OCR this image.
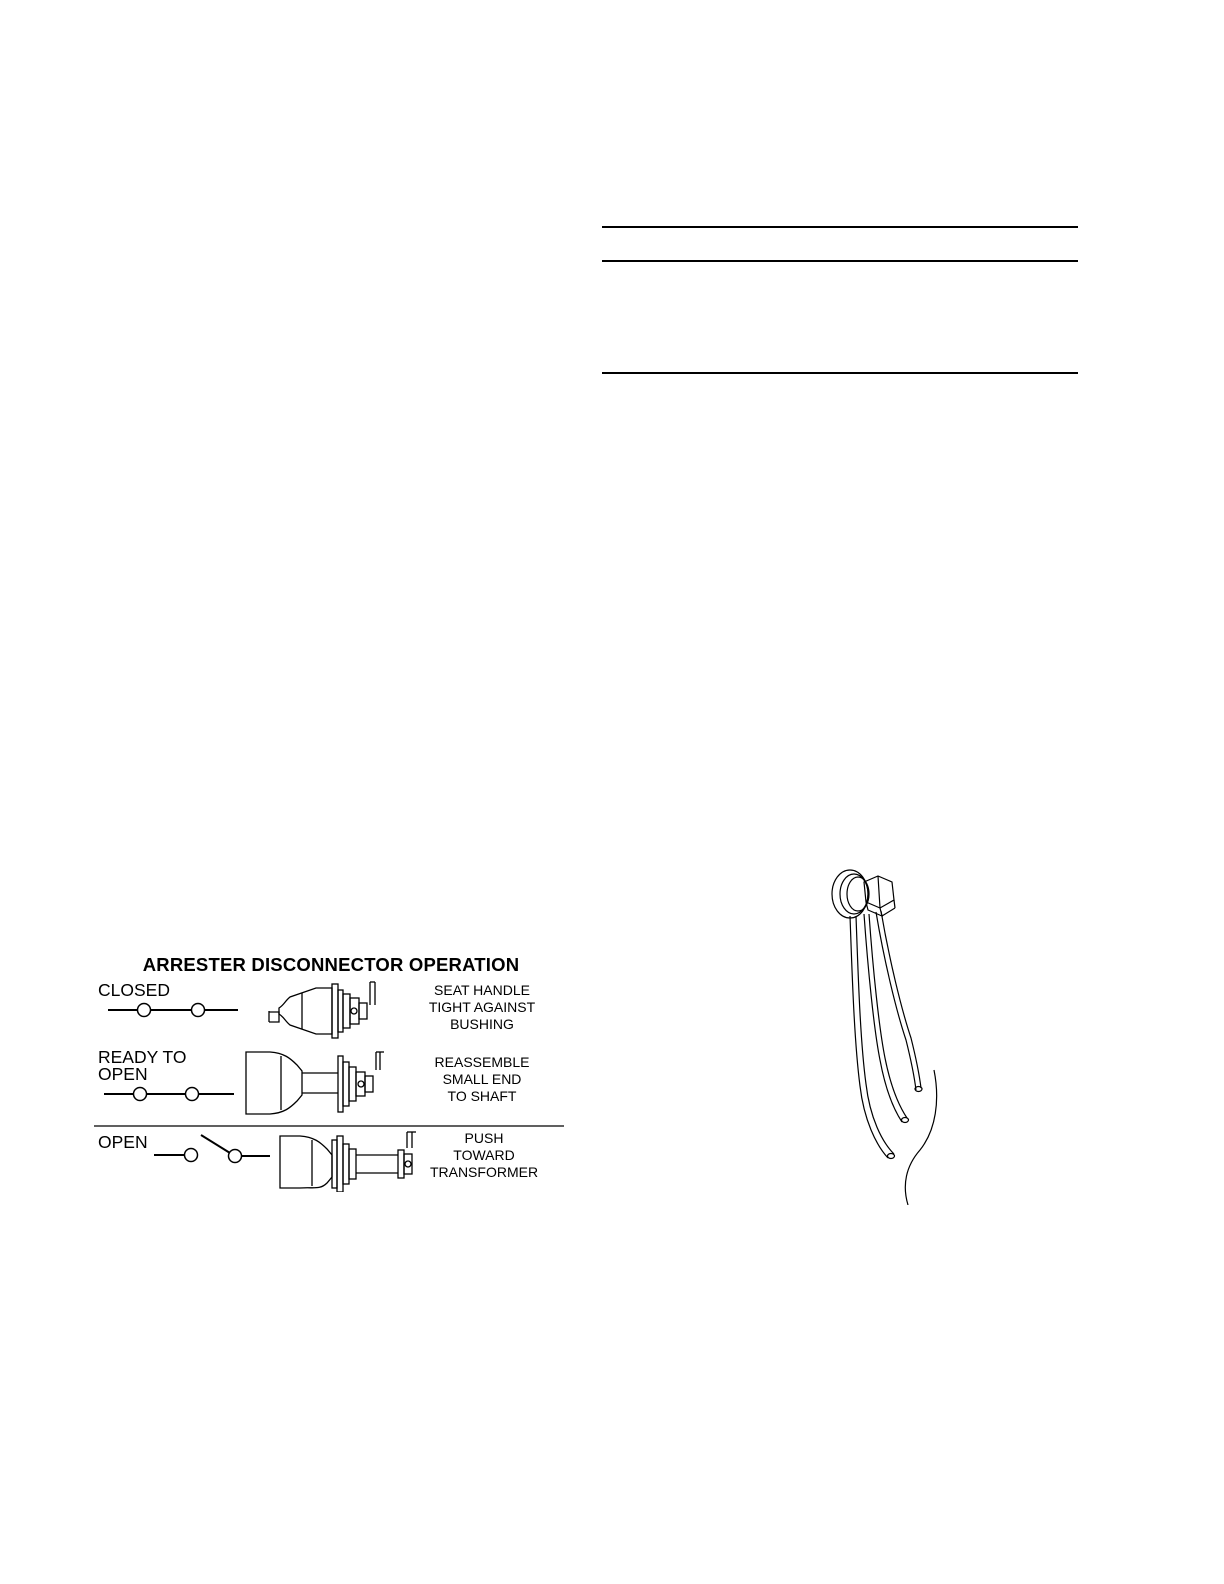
ARRESTER DISCONNECTOR OPERATION
CLOSED	SEAT HANDLE
TIGHT AGAINST
BUSHING
READY TO
OPEN
REASSEMBLE
SMALL END
TO SHAFT
OPEN	PUSH
TOWARD
TRANSFORMER
